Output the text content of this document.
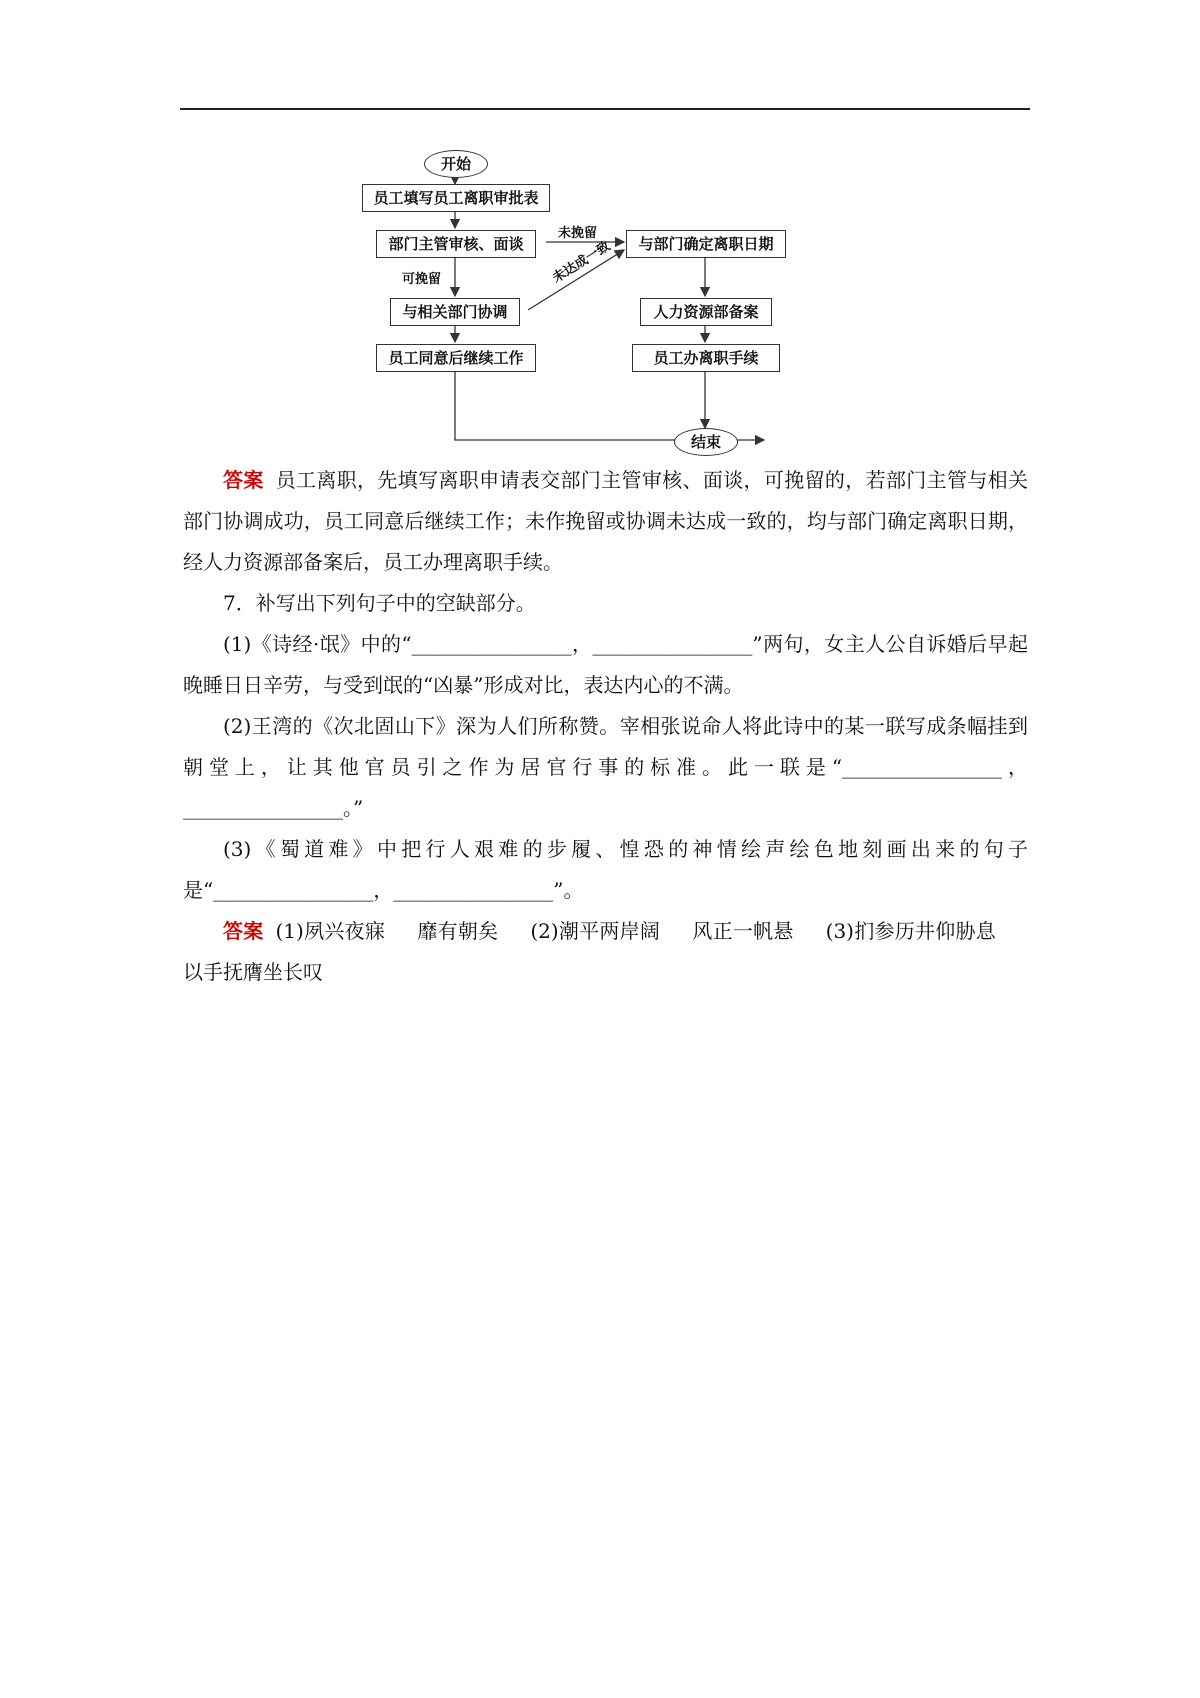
开始
员工填写员工离职审批表
部门主管审核、面谈
与相关部门协调
员工同意后继续工作
与部门确定离职日期
人力资源部备案
员工办离职手续
结束
未挽留
可挽留	未达成一致

答案 员工离职，先填写离职申请表交部门主管审核、面谈，可挽留的，若部门主管与相关部门协调成功，员工同意后继续工作；未作挽留或协调未达成一致的，均与部门确定离职日期，经人力资源部备案后，员工办理离职手续。

7．补写出下列句子中的空缺部分。

(1)《诗经·氓》中的“________________，________________”两句，女主人公自诉婚后早起晚睡日日辛劳，与受到氓的“凶暴”形成对比，表达内心的不满。

(2)王湾的《次北固山下》深为人们所称赞。宰相张说命人将此诗中的某一联写成条幅挂到朝堂上，让其他官员引之作为居官行事的标准。此一联是“________________，________________。”

(3)《蜀道难》中把行人艰难的步履、惶恐的神情绘声绘色地刻画出来的句子是“________________，________________”。

答案 (1)夙兴夜寐 靡有朝矣 (2)潮平两岸阔 风正一帆悬 (3)扪参历井仰胁息以手抚膺坐长叹
